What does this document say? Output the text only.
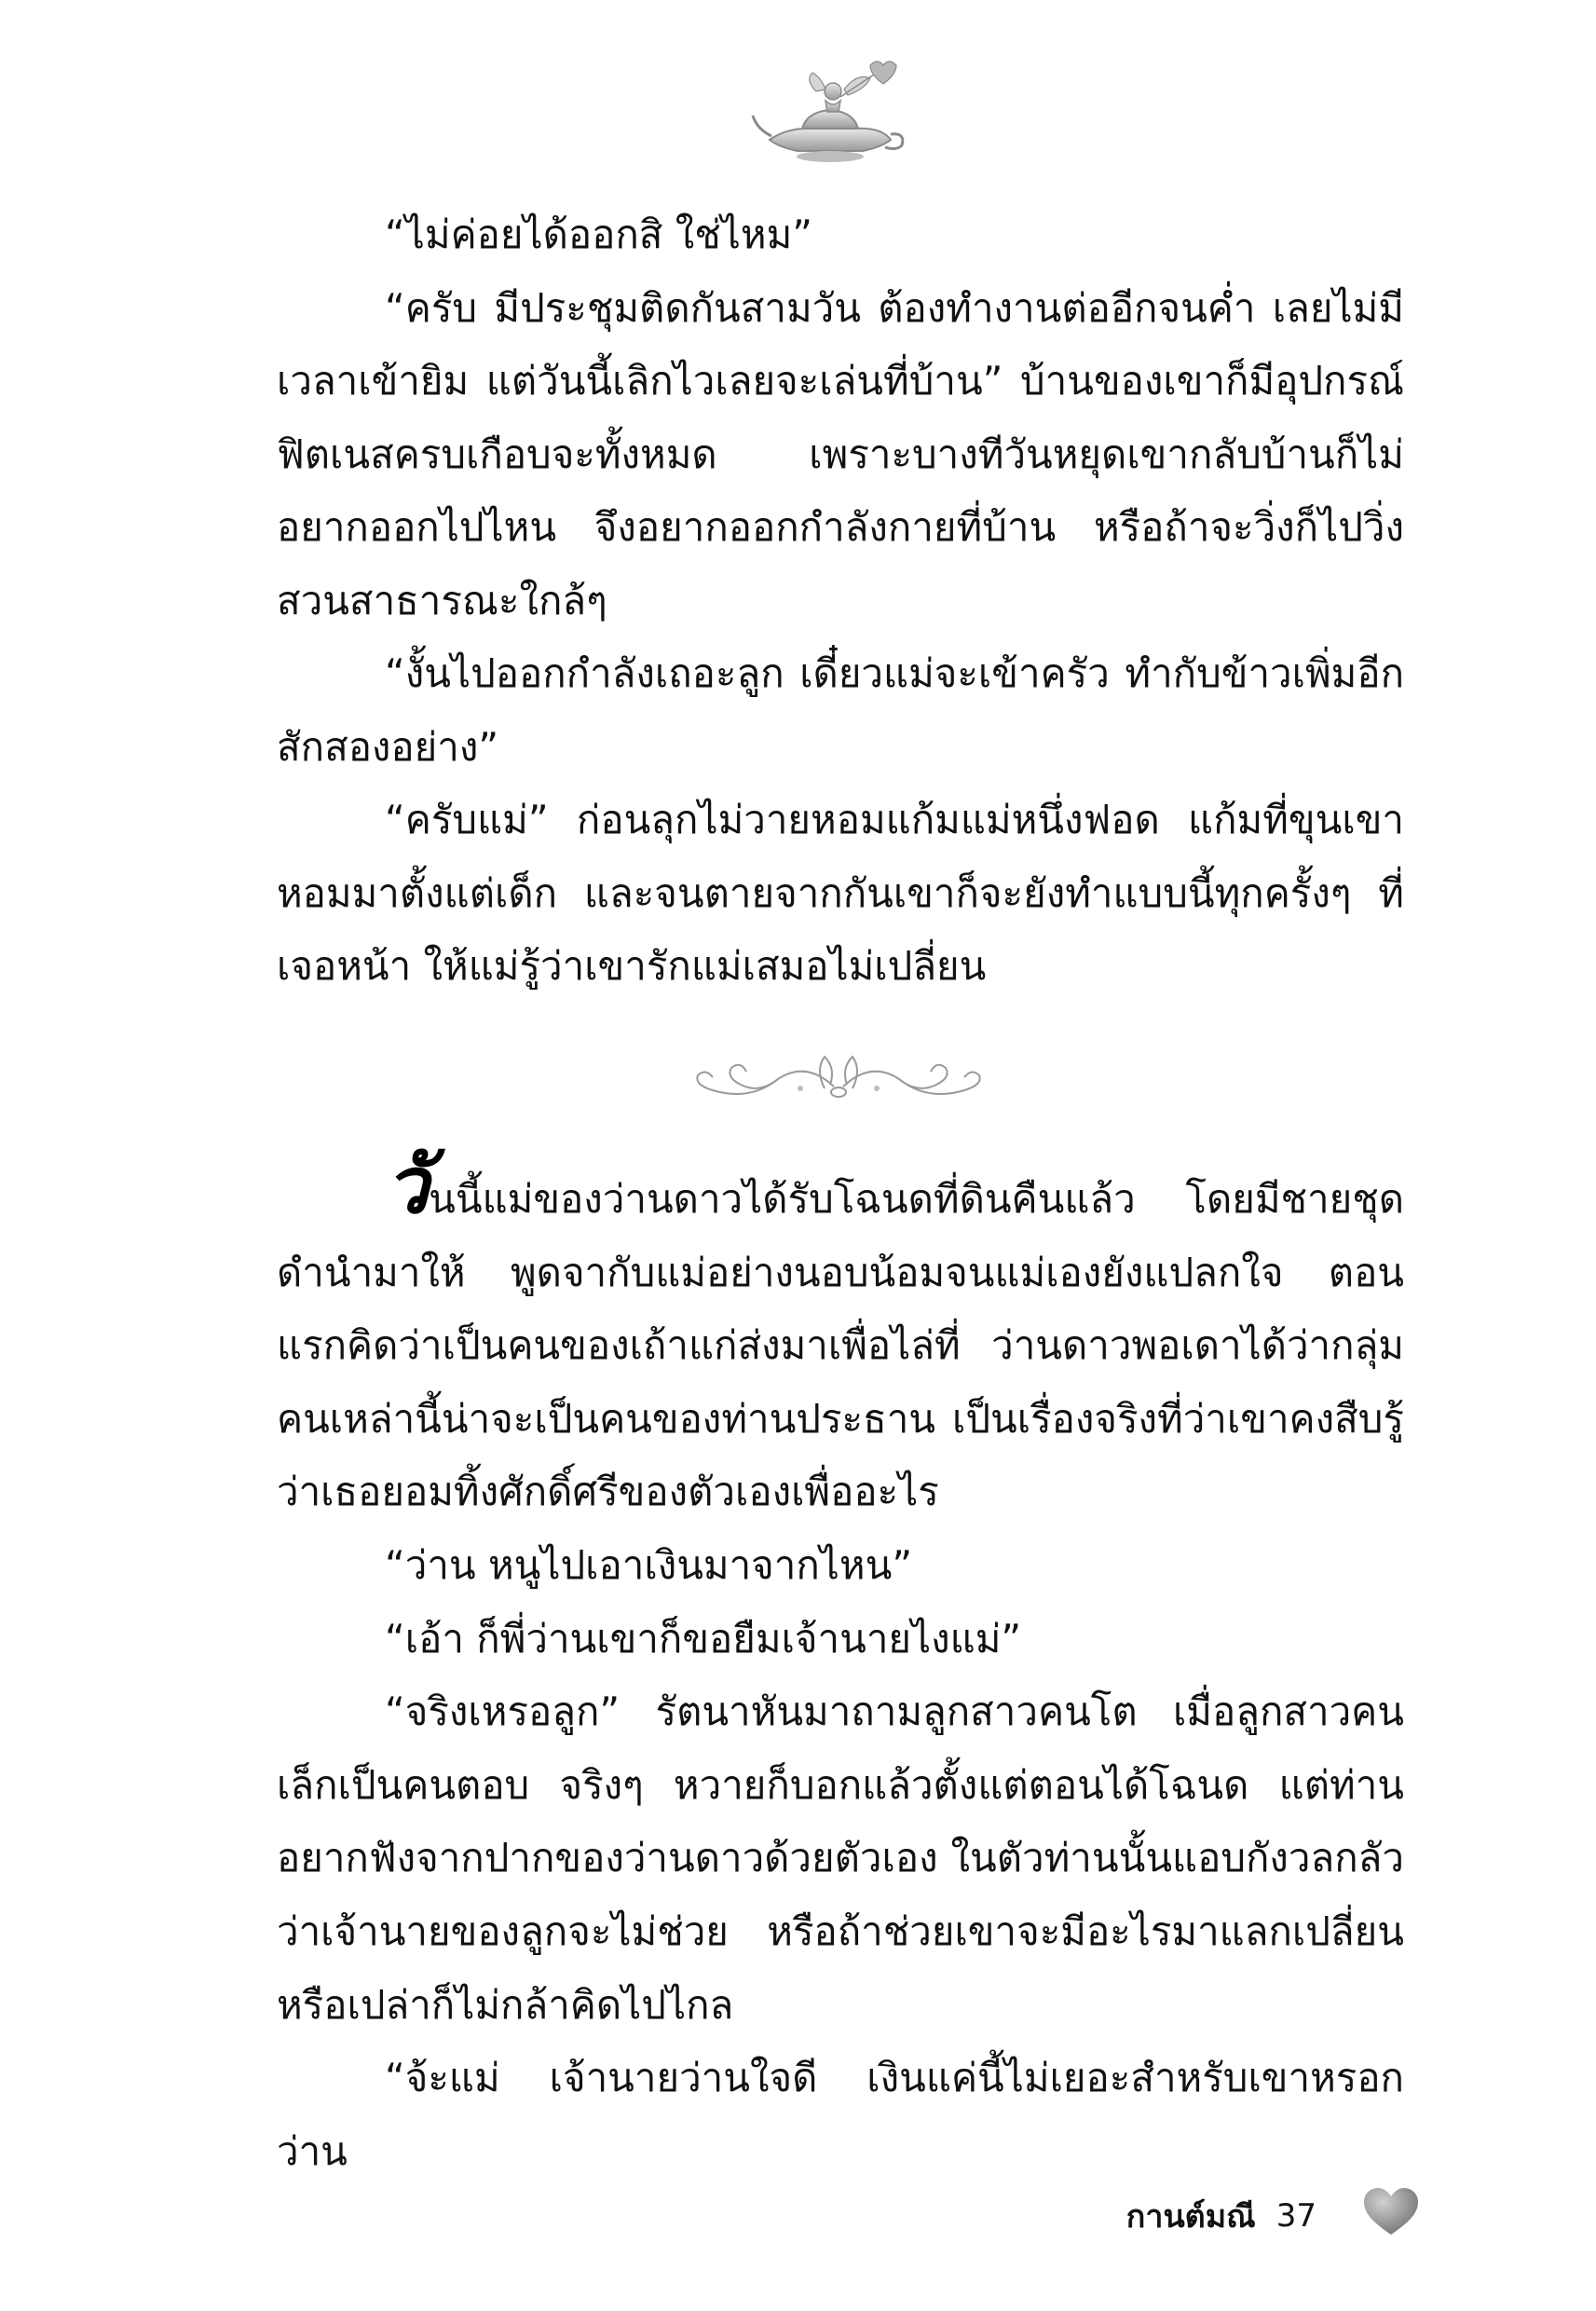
“ไม่ค่อยได้ออกสิ ใช่ไหม”

“ครับ มีประชุมติดกันสามวัน ต้องทำงานต่ออีกจนค่ำ เลยไม่มีเวลาเข้ายิม แต่วันนี้เลิกไวเลยจะเล่นที่บ้าน” บ้านของเขาก็มีอุปกรณ์ฟิตเนสครบเกือบจะทั้งหมด เพราะบางทีวันหยุดเขากลับบ้านก็ไม่อยากออกไปไหน จึงอยากออกกำลังกายที่บ้าน หรือถ้าจะวิ่งก็ไปวิ่งสวนสาธารณะใกล้ๆ

“งั้นไปออกกำลังเถอะลูก เดี๋ยวแม่จะเข้าครัว ทำกับข้าวเพิ่มอีกสักสองอย่าง”

“ครับแม่” ก่อนลุกไม่วายหอมแก้มแม่หนึ่งฟอด แก้มที่ขุนเขาหอมมาตั้งแต่เด็ก และจนตายจากกันเขาก็จะยังทำแบบนี้ทุกครั้งๆ ที่เจอหน้า ให้แม่รู้ว่าเขารักแม่เสมอไม่เปลี่ยน

วันนี้แม่ของว่านดาวได้รับโฉนดที่ดินคืนแล้ว โดยมีชายชุดดำนำมาให้ พูดจากับแม่อย่างนอบน้อมจนแม่เองยังแปลกใจ ตอนแรกคิดว่าเป็นคนของเถ้าแก่ส่งมาเพื่อไล่ที่ ว่านดาวพอเดาได้ว่ากลุ่มคนเหล่านี้น่าจะเป็นคนของท่านประธาน เป็นเรื่องจริงที่ว่าเขาคงสืบรู้ว่าเธอยอมทิ้งศักดิ์ศรีของตัวเองเพื่ออะไร

“ว่าน หนูไปเอาเงินมาจากไหน”

“เอ้า ก็พี่ว่านเขาก็ขอยืมเจ้านายไงแม่”

“จริงเหรอลูก” รัตนาหันมาถามลูกสาวคนโต เมื่อลูกสาวคนเล็กเป็นคนตอบ จริงๆ หวายก็บอกแล้วตั้งแต่ตอนได้โฉนด แต่ท่านอยากฟังจากปากของว่านดาวด้วยตัวเอง ในตัวท่านนั้นแอบกังวลกลัวว่าเจ้านายของลูกจะไม่ช่วย หรือถ้าช่วยเขาจะมีอะไรมาแลกเปลี่ยนหรือเปล่าก็ไม่กล้าคิดไปไกล

“จ้ะแม่ เจ้านายว่านใจดี เงินแค่นี้ไม่เยอะสำหรับเขาหรอก ว่าน

กานต์มณี 37
